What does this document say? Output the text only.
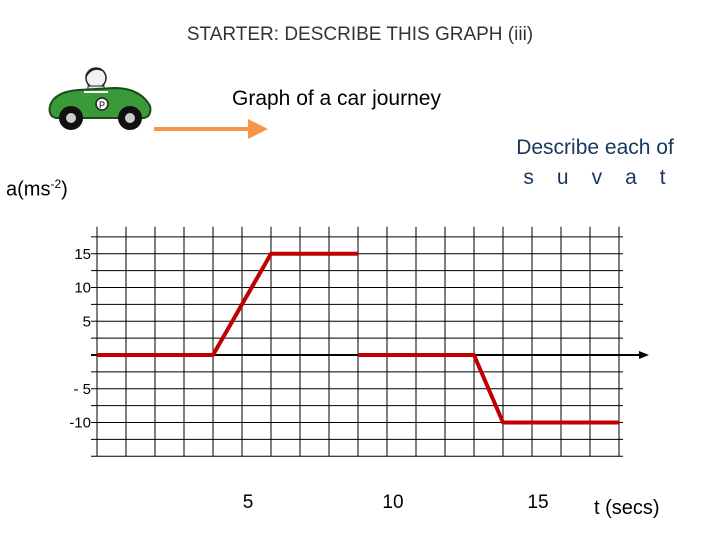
STARTER: DESCRIBE THIS GRAPH (iii)
P	Graph of a car journey
Describe each of
s u v a t
$a(ms^{-2})$
t (secs)
15
10
5
- 5
-10
5	10	15
